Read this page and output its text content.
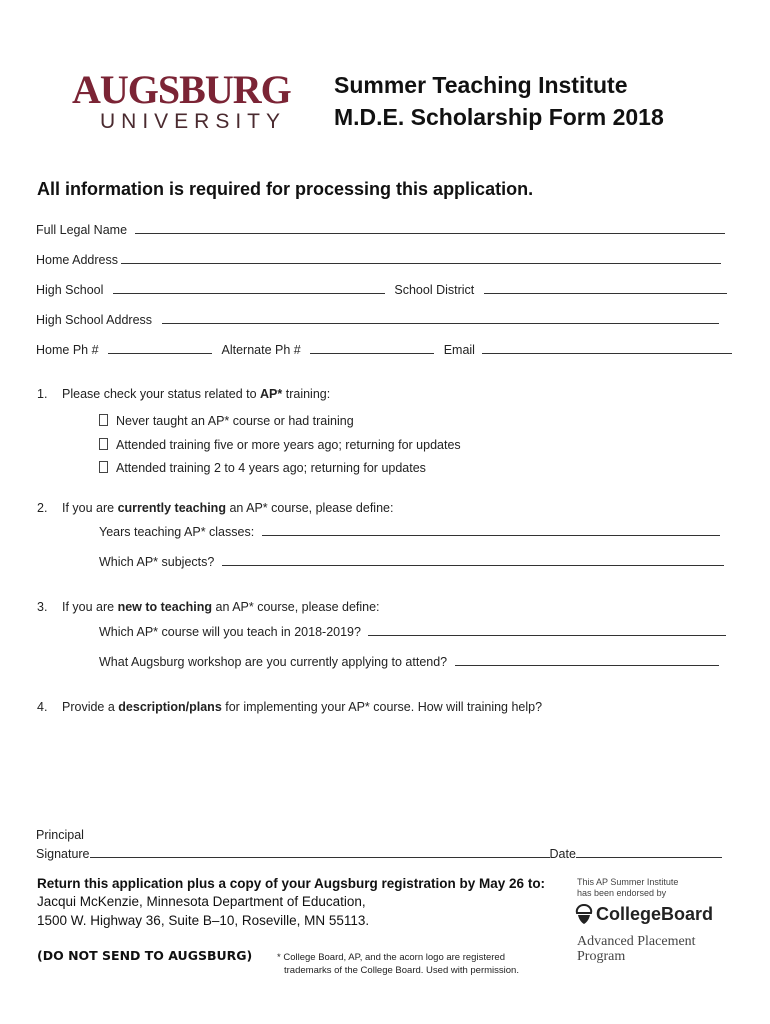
AUGSBURG
UNIVERSITY
Summer Teaching Institute
M.D.E. Scholarship Form 2018
All information is required for processing this application.
Full Legal Name
Home Address
High School	School District
High School Address
Home Ph #	Alternate Ph #	Email
1. Please check your status related to AP* training:
Never taught an AP* course or had training
Attended training five or more years ago; returning for updates
Attended training 2 to 4 years ago; returning for updates
2. If you are currently teaching an AP* course, please define:
Years teaching AP* classes:
Which AP* subjects?
3. If you are new to teaching an AP* course, please define:
Which AP* course will you teach in 2018-2019?
What Augsburg workshop are you currently applying to attend?
4. Provide a description/plans for implementing your AP* course. How will training help?
Principal
Signature	Date
Return this application plus a copy of your Augsburg registration by May 26 to:
Jacqui McKenzie, Minnesota Department of Education,
1500 W. Highway 36, Suite B–10, Roseville, MN 55113.
(DO NOT SEND TO AUGSBURG)	* College Board, AP, and the acorn logo are registered
trademarks of the College Board. Used with permission.
This AP Summer Institute
has been endorsed by
CollegeBoard
Advanced Placement
Program
